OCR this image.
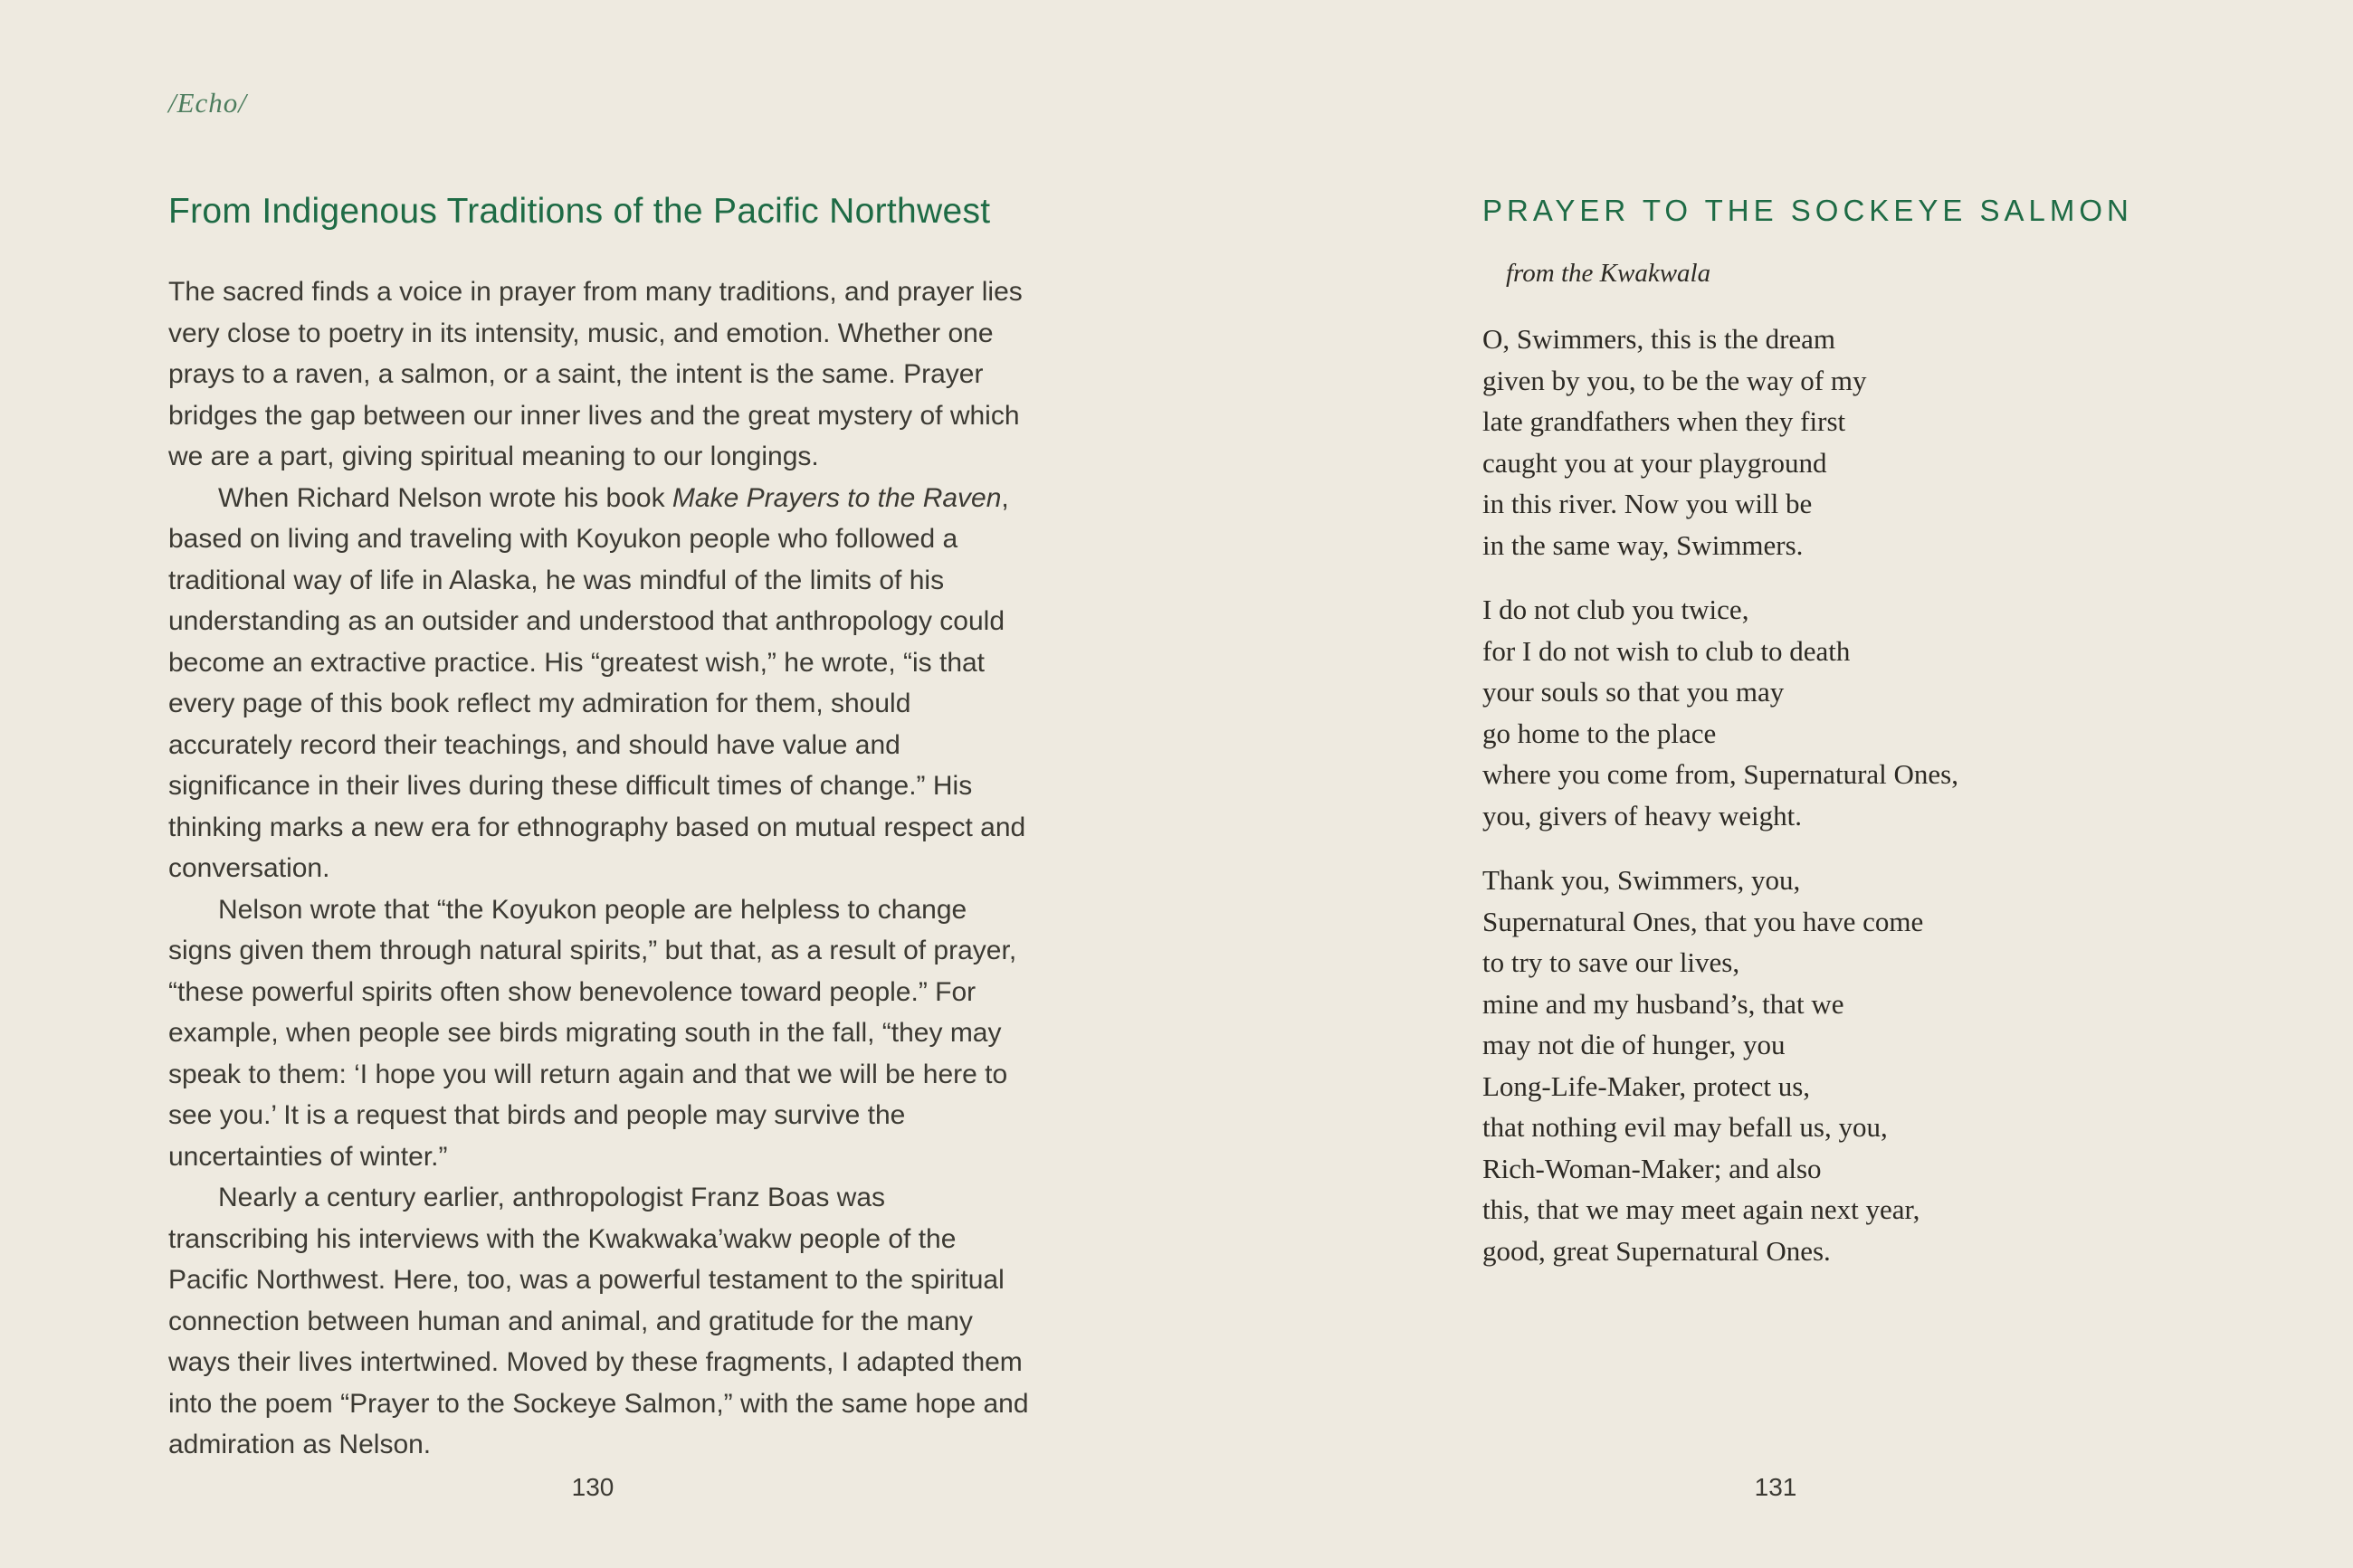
/Echo/
From Indigenous Traditions of the Pacific Northwest

The sacred finds a voice in prayer from many traditions, and prayer lies very close to poetry in its intensity, music, and emotion. Whether one prays to a raven, a salmon, or a saint, the intent is the same. Prayer bridges the gap between our inner lives and the great mystery of which we are a part, giving spiritual meaning to our longings.

When Richard Nelson wrote his book Make Prayers to the Raven, based on living and traveling with Koyukon people who followed a traditional way of life in Alaska, he was mindful of the limits of his understanding as an outsider and understood that anthropology could become an extractive practice. His “greatest wish,” he wrote, “is that every page of this book reflect my admiration for them, should accurately record their teachings, and should have value and significance in their lives during these difficult times of change.” His thinking marks a new era for ethnography based on mutual respect and conversation.

Nelson wrote that “the Koyukon people are helpless to change signs given them through natural spirits,” but that, as a result of prayer, “these powerful spirits often show benevolence toward people.” For example, when people see birds migrating south in the fall, “they may speak to them: ‘I hope you will return again and that we will be here to see you.’ It is a request that birds and people may survive the uncertainties of winter.”

Nearly a century earlier, anthropologist Franz Boas was transcribing his interviews with the Kwakwaka’wakw people of the Pacific Northwest. Here, too, was a powerful testament to the spiritual connection between human and animal, and gratitude for the many ways their lives intertwined. Moved by these fragments, I adapted them into the poem “Prayer to the Sockeye Salmon,” with the same hope and admiration as Nelson.

PRAYER TO THE SOCKEYE SALMON
from the Kwakwala
O, Swimmers, this is the dream
given by you, to be the way of my
late grandfathers when they first
caught you at your playground
in this river. Now you will be
in the same way, Swimmers.
I do not club you twice,
for I do not wish to club to death
your souls so that you may
go home to the place
where you come from, Supernatural Ones,
you, givers of heavy weight.
Thank you, Swimmers, you,
Supernatural Ones, that you have come
to try to save our lives,
mine and my husband’s, that we
may not die of hunger, you
Long-Life-Maker, protect us,
that nothing evil may befall us, you,
Rich-Woman-Maker; and also
this, that we may meet again next year,
good, great Supernatural Ones.
130	131
